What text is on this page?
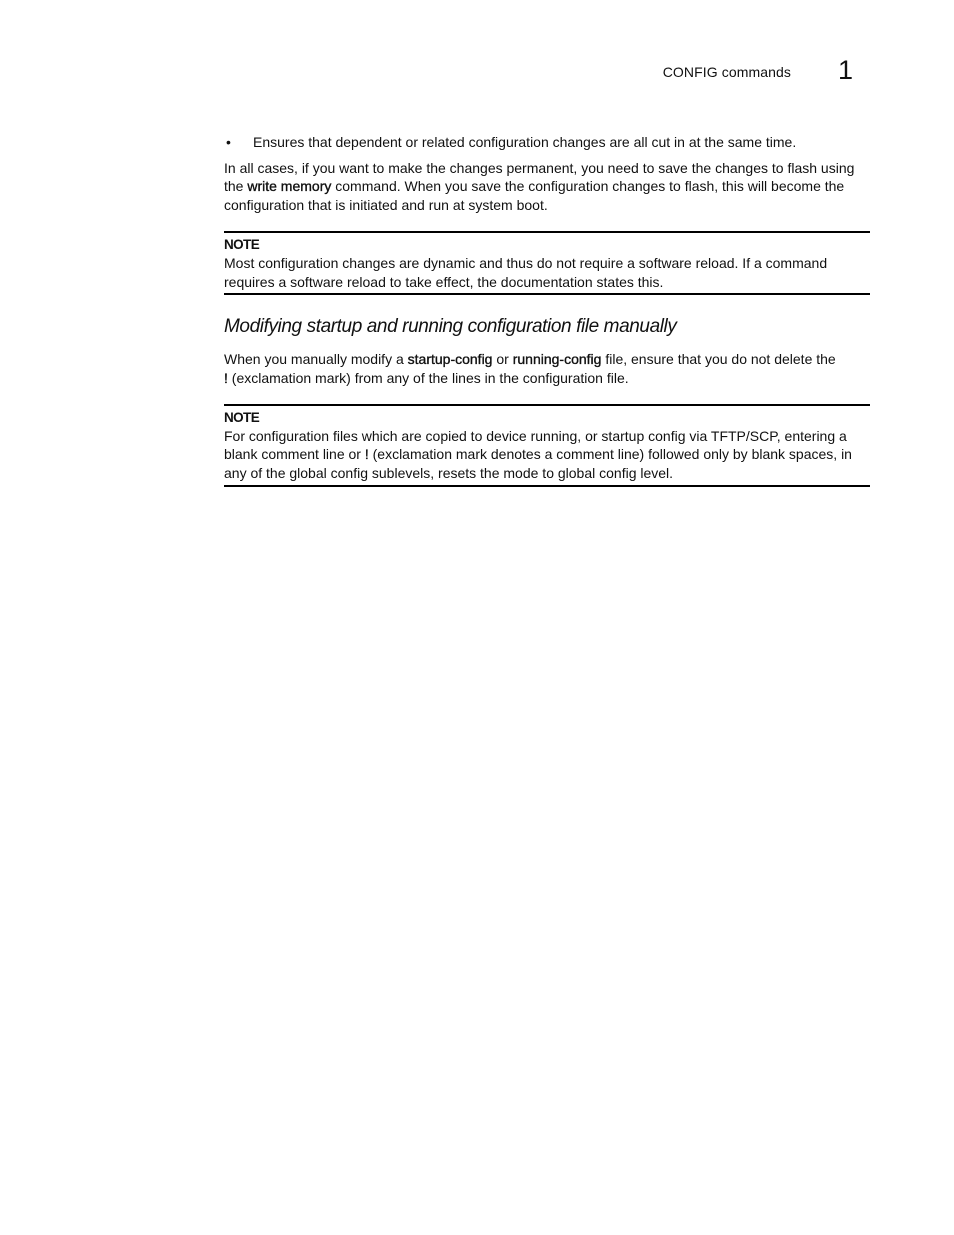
CONFIG commands 1
• Ensures that dependent or related configuration changes are all cut in at the same time.

In all cases, if you want to make the changes permanent, you need to save the changes to flash using the write memory command. When you save the configuration changes to flash, this will become the configuration that is initiated and run at system boot.

NOTE

Most configuration changes are dynamic and thus do not require a software reload. If a command requires a software reload to take effect, the documentation states this.

Modifying startup and running configuration file manually

When you manually modify a startup-config or running-config file, ensure that you do not delete the
! (exclamation mark) from any of the lines in the configuration file.

NOTE

For configuration files which are copied to device running, or startup config via TFTP/SCP, entering a blank comment line or ! (exclamation mark denotes a comment line) followed only by blank spaces, in any of the global config sublevels, resets the mode to global config level.
